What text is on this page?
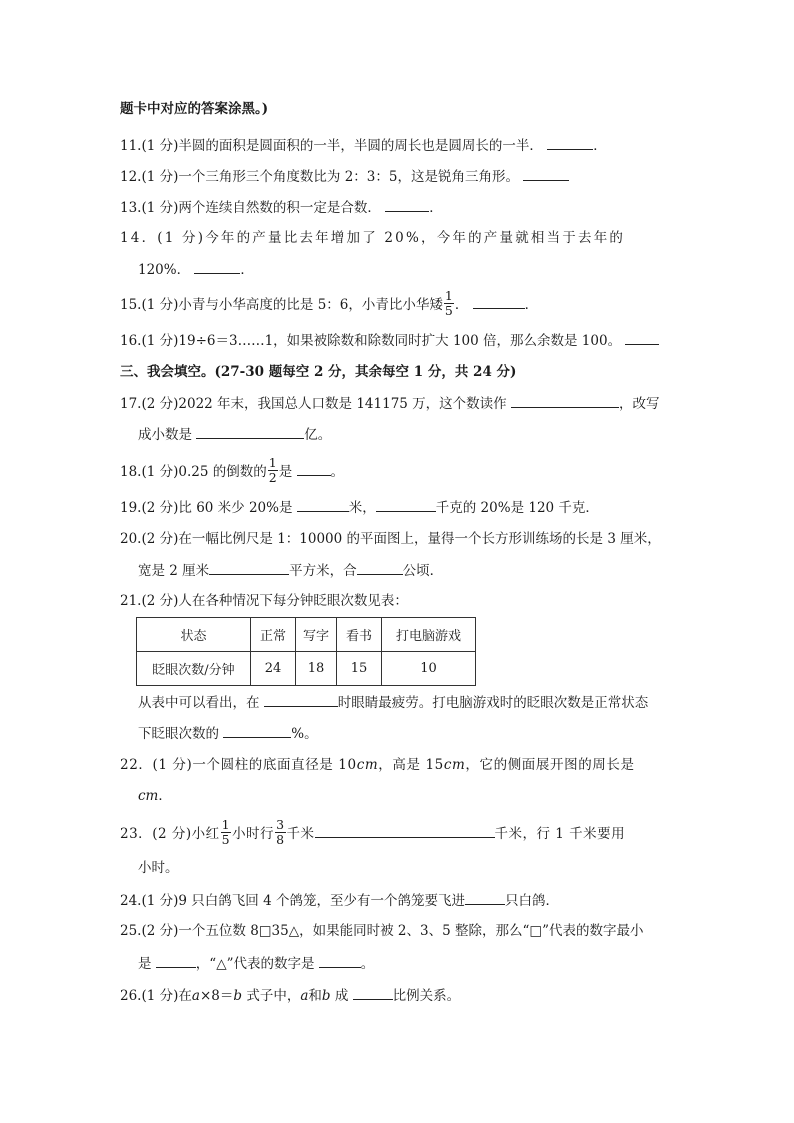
题卡中对应的答案涂黑。)
11.(1 分)半圆的面积是圆面积的一半，半圆的周长也是圆周长的一半．	．
12.(1 分)一个三角形三个角度数比为 2：3：5，这是锐角三角形。
13.(1 分)两个连续自然数的积一定是合数．	．
14．(1 分)今年的产量比去年增加了 20%，今年的产量就相当于去年的
120%．	．
15.(1 分)小青与小华高度的比是 5：6，小青比小华矮 $\frac{1}{5}$ ．	．
16.(1 分)19÷6＝3……1，如果被除数和除数同时扩大 100 倍，那么余数是 100。
三、我会填空。(27-30 题每空 2 分，其余每空 1 分，共 24 分)
17.(2 分)2022 年末，我国总人口数是 141175 万，这个数读作	，改写
成小数是	亿。
18.(1 分)0.25 的倒数的 $\frac{1}{2}$ 是	。
19.(2 分)比 60 米少 20%是	米，	千克的 20%是 120 千克．
20.(2 分)在一幅比例尺是 1：10000 的平面图上，量得一个长方形训练场的长是 3 厘米，
宽是 2 厘米	平方米，合	公顷．
21.(2 分)人在各种情况下每分钟眨眼次数见表：
状态	正常	写字	看书	打电脑游戏
眨眼次数/分钟	24	18	15	10
从表中可以看出，在	时眼睛最疲劳。打电脑游戏时的眨眼次数是正常状态
下眨眼次数的	%。
22．(1 分)一个圆柱的底面直径是 10cm，高是 15cm，它的侧面展开图的周长是
cm．
23．(2 分)小红 $\frac{1}{5}$ 小时行 $\frac{3}{8}$ 千米	千米，行 1 千米要用
小时。
24.(1 分)9 只白鸽飞回 4 个鸽笼，至少有一个鸽笼要飞进	只白鸽．
25.(2 分)一个五位数 8□35△，如果能同时被 2、3、5 整除，那么“□”代表的数字最小
是	，“△”代表的数字是	。
26.(1 分)在a×8＝b 式子中，a和b 成	比例关系。
